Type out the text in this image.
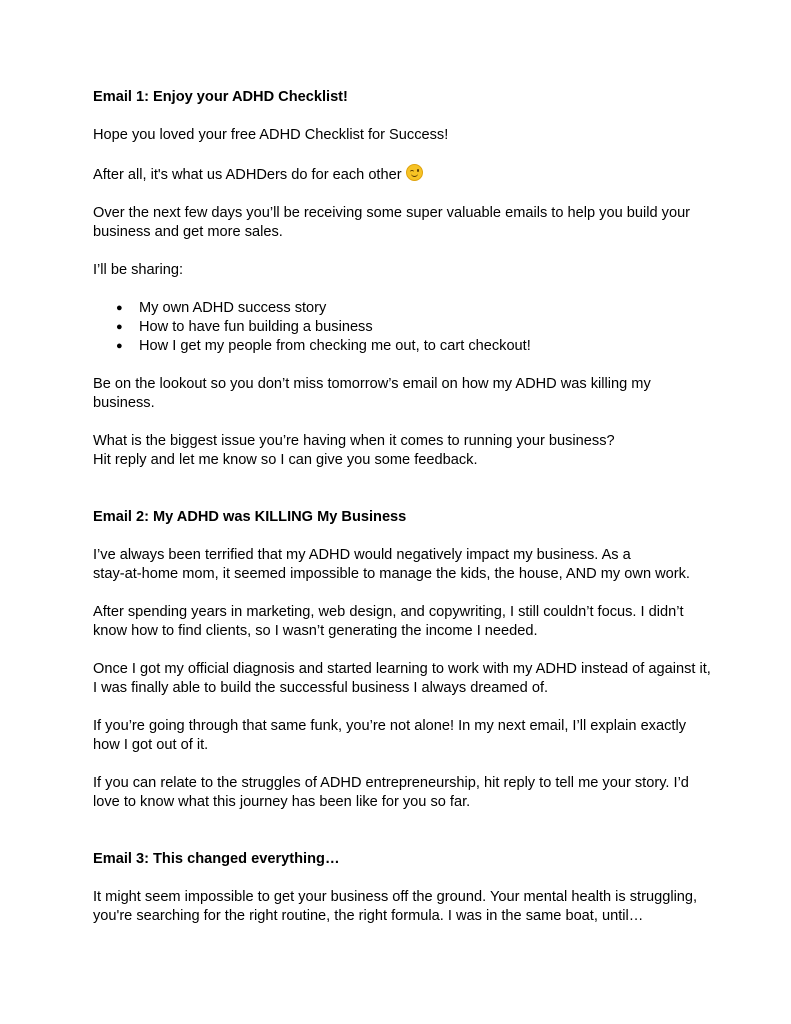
Email 1: Enjoy your ADHD Checklist!

Hope you loved your free ADHD Checklist for Success!

After all, it's what us ADHDers do for each other

Over the next few days you’ll be receiving some super valuable emails to help you build your
business and get more sales.

I’ll be sharing:

● My own ADHD success story
● How to have fun building a business
● How I get my people from checking me out, to cart checkout!

Be on the lookout so you don’t miss tomorrow’s email on how my ADHD was killing my
business.

What is the biggest issue you’re having when it comes to running your business?
Hit reply and let me know so I can give you some feedback.

Email 2: My ADHD was KILLING My Business

I’ve always been terrified that my ADHD would negatively impact my business. As a
stay-at-home mom, it seemed impossible to manage the kids, the house, AND my own work.

After spending years in marketing, web design, and copywriting, I still couldn’t focus. I didn’t
know how to find clients, so I wasn’t generating the income I needed.

Once I got my official diagnosis and started learning to work with my ADHD instead of against it,
I was finally able to build the successful business I always dreamed of.

If you’re going through that same funk, you’re not alone! In my next email, I’ll explain exactly
how I got out of it.

If you can relate to the struggles of ADHD entrepreneurship, hit reply to tell me your story. I’d
love to know what this journey has been like for you so far.

Email 3: This changed everything…

It might seem impossible to get your business off the ground. Your mental health is struggling,
you're searching for the right routine, the right formula. I was in the same boat, until…
